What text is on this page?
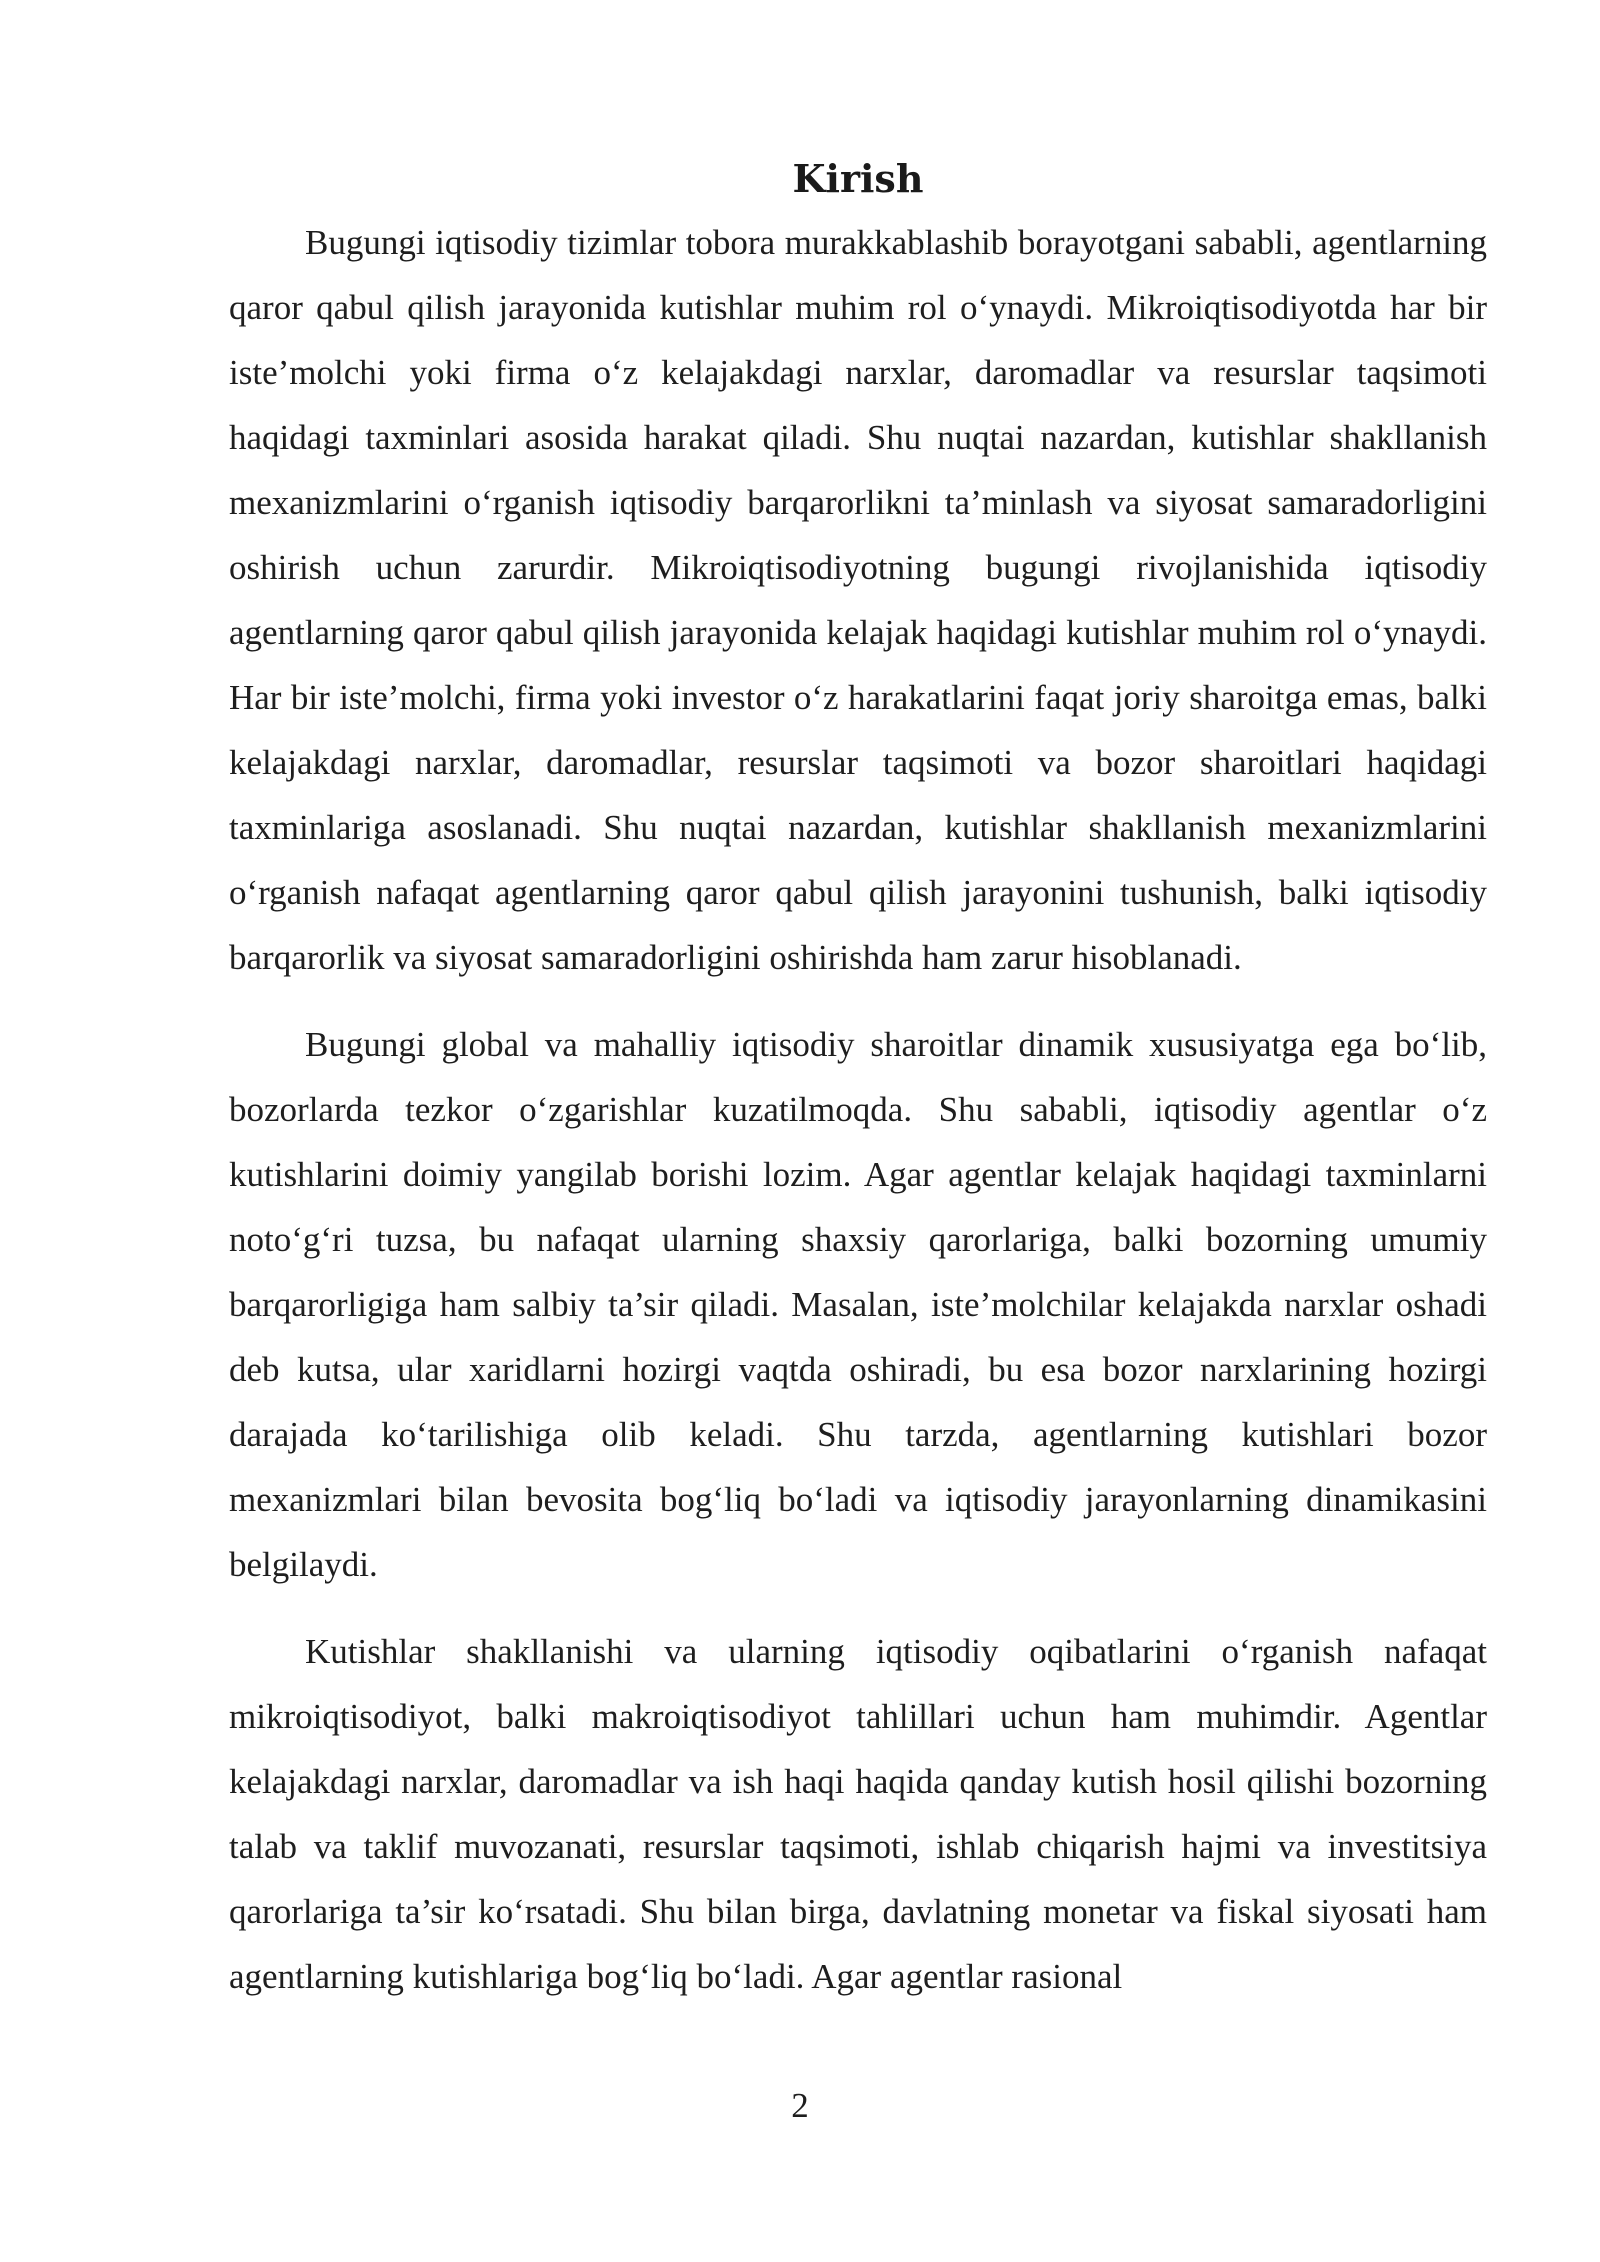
Kirish

Bugungi iqtisodiy tizimlar tobora murakkablashib borayotgani sababli, agentlarning qaror qabul qilish jarayonida kutishlar muhim rol o‘ynaydi. Mikroiqtisodiyotda har bir iste’molchi yoki firma o‘z kelajakdagi narxlar, daromadlar va resurslar taqsimoti haqidagi taxminlari asosida harakat qiladi. Shu nuqtai nazardan, kutishlar shakllanish mexanizmlarini o‘rganish iqtisodiy barqarorlikni ta’minlash va siyosat samaradorligini oshirish uchun zarurdir. Mikroiqtisodiyotning bugungi rivojlanishida iqtisodiy agentlarning qaror qabul qilish jarayonida kelajak haqidagi kutishlar muhim rol o‘ynaydi. Har bir iste’molchi, firma yoki investor o‘z harakatlarini faqat joriy sharoitga emas, balki kelajakdagi narxlar, daromadlar, resurslar taqsimoti va bozor sharoitlari haqidagi taxminlariga asoslanadi. Shu nuqtai nazardan, kutishlar shakllanish mexanizmlarini o‘rganish nafaqat agentlarning qaror qabul qilish jarayonini tushunish, balki iqtisodiy barqarorlik va siyosat samaradorligini oshirishda ham zarur hisoblanadi.

Bugungi global va mahalliy iqtisodiy sharoitlar dinamik xususiyatga ega bo‘lib, bozorlarda tezkor o‘zgarishlar kuzatilmoqda. Shu sababli, iqtisodiy agentlar o‘z kutishlarini doimiy yangilab borishi lozim. Agar agentlar kelajak haqidagi taxminlarni noto‘g‘ri tuzsa, bu nafaqat ularning shaxsiy qarorlariga, balki bozorning umumiy barqarorligiga ham salbiy ta’sir qiladi. Masalan, iste’molchilar kelajakda narxlar oshadi deb kutsa, ular xaridlarni hozirgi vaqtda oshiradi, bu esa bozor narxlarining hozirgi darajada ko‘tarilishiga olib keladi. Shu tarzda, agentlarning kutishlari bozor mexanizmlari bilan bevosita bog‘liq bo‘ladi va iqtisodiy jarayonlarning dinamikasini belgilaydi.

Kutishlar shakllanishi va ularning iqtisodiy oqibatlarini o‘rganish nafaqat mikroiqtisodiyot, balki makroiqtisodiyot tahlillari uchun ham muhimdir. Agentlar kelajakdagi narxlar, daromadlar va ish haqi haqida qanday kutish hosil qilishi bozorning talab va taklif muvozanati, resurslar taqsimoti, ishlab chiqarish hajmi va investitsiya qarorlariga ta’sir ko‘rsatadi. Shu bilan birga, davlatning monetar va fiskal siyosati ham agentlarning kutishlariga bog‘liq bo‘ladi. Agar agentlar rasional

2
